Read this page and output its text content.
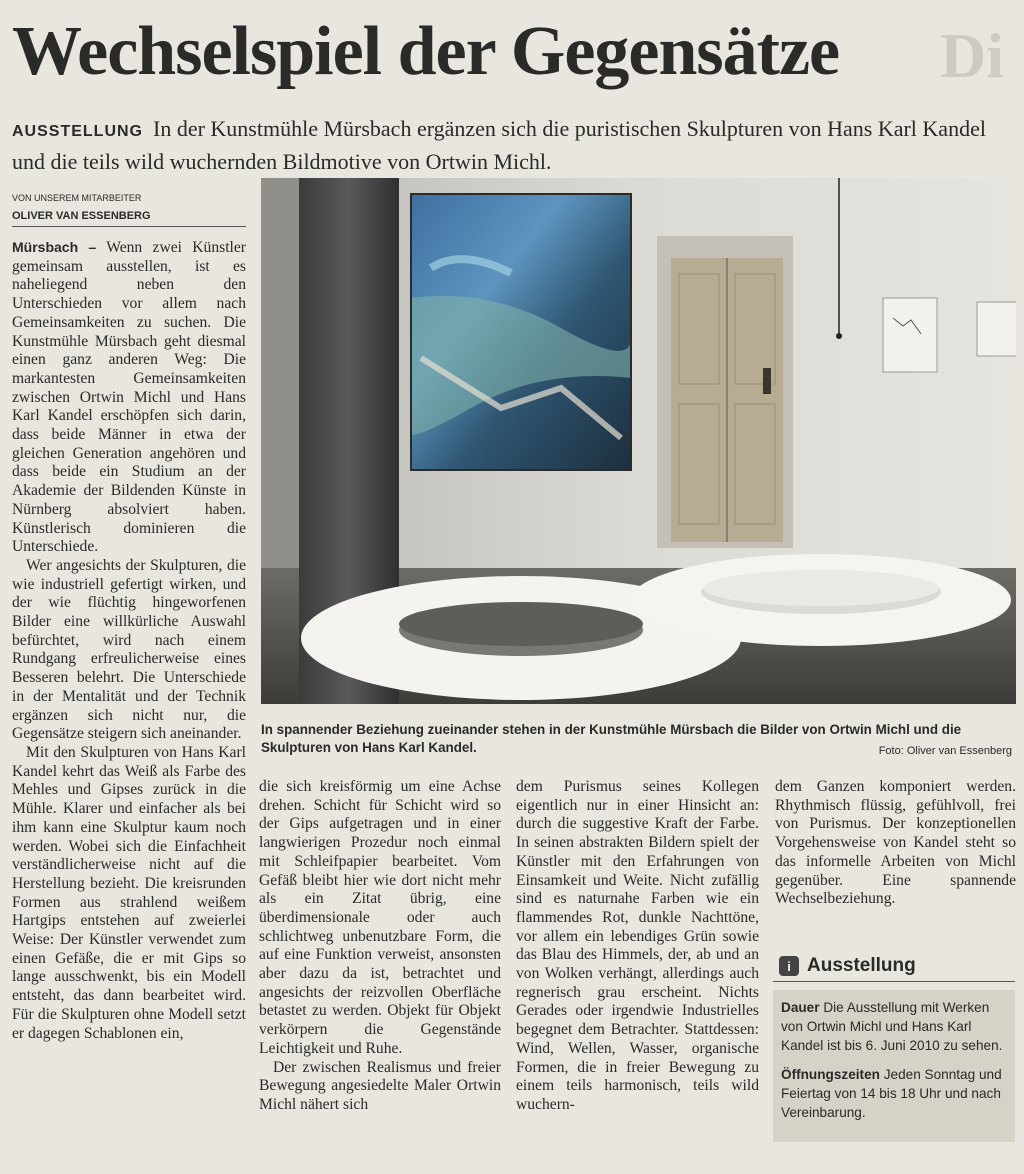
Wechselspiel der Gegensätze Di
AUSSTELLUNG In der Kunstmühle Mürsbach ergänzen sich die puristischen Skulpturen von Hans Karl Kandel und die teils wild wuchernden Bildmotive von Ortwin Michl.
VON UNSEREM MITARBEITER
OLIVER VAN ESSENBERG

Mürsbach – Wenn zwei Künstler gemeinsam ausstellen, ist es naheliegend neben den Unterschieden vor allem nach Gemeinsamkeiten zu suchen. Die Kunstmühle Mürsbach geht diesmal einen ganz anderen Weg: Die markantesten Gemeinsamkeiten zwischen Ortwin Michl und Hans Karl Kandel erschöpfen sich darin, dass beide Männer in etwa der gleichen Generation angehören und dass beide ein Studium an der Akademie der Bildenden Künste in Nürnberg absolviert haben. Künstlerisch dominieren die Unterschiede.

Wer angesichts der Skulpturen, die wie industriell gefertigt wirken, und der wie flüchtig hingeworfenen Bilder eine willkürliche Auswahl befürchtet, wird nach einem Rundgang erfreulicherweise eines Besseren belehrt. Die Unterschiede in der Mentalität und der Technik ergänzen sich nicht nur, die Gegensätze steigern sich aneinander.

Mit den Skulpturen von Hans Karl Kandel kehrt das Weiß als Farbe des Mehles und Gipses zurück in die Mühle. Klarer und einfacher als bei ihm kann eine Skulptur kaum noch werden. Wobei sich die Einfachheit verständlicherweise nicht auf die Herstellung bezieht. Die kreisrunden Formen aus strahlend weißem Hartgips entstehen auf zweierlei Weise: Der Künstler verwendet zum einen Gefäße, die er mit Gips so lange ausschwenkt, bis ein Modell entsteht, das dann bearbeitet wird. Für die Skulpturen ohne Modell setzt er dagegen Schablonen ein,

In spannender Beziehung zueinander stehen in der Kunstmühle Mürsbach die Bilder von Ortwin Michl und die Skulpturen von Hans Karl Kandel.	Foto: Oliver van Essenberg

die sich kreisförmig um eine Achse drehen. Schicht für Schicht wird so der Gips aufgetragen und in einer langwierigen Prozedur noch einmal mit Schleifpapier bearbeitet. Vom Gefäß bleibt hier wie dort nicht mehr als ein Zitat übrig, eine überdimensionale oder auch schlichtweg unbenutzbare Form, die auf eine Funktion verweist, ansonsten aber dazu da ist, betrachtet und angesichts der reizvollen Oberfläche betastet zu werden. Objekt für Objekt verkörpern die Gegenstände Leichtigkeit und Ruhe.

Der zwischen Realismus und freier Bewegung angesiedelte Maler Ortwin Michl nähert sich

dem Purismus seines Kollegen eigentlich nur in einer Hinsicht an: durch die suggestive Kraft der Farbe. In seinen abstrakten Bildern spielt der Künstler mit den Erfahrungen von Einsamkeit und Weite. Nicht zufällig sind es naturnahe Farben wie ein flammendes Rot, dunkle Nachttöne, vor allem ein lebendiges Grün sowie das Blau des Himmels, der, ab und an von Wolken verhängt, allerdings auch regnerisch grau erscheint. Nichts Gerades oder irgendwie Industrielles begegnet dem Betrachter. Stattdessen: Wind, Wellen, Wasser, organische Formen, die in freier Bewegung zu einem teils harmonisch, teils wild wuchern-

dem Ganzen komponiert werden. Rhythmisch flüssig, gefühlvoll, frei von Purismus. Der konzeptionellen Vorgehensweise von Kandel steht so das informelle Arbeiten von Michl gegenüber. Eine spannende Wechselbeziehung.

i Ausstellung

Dauer Die Ausstellung mit Werken von Ortwin Michl und Hans Karl Kandel ist bis 6. Juni 2010 zu sehen.

Öffnungszeiten Jeden Sonntag und Feiertag von 14 bis 18 Uhr und nach Vereinbarung.
